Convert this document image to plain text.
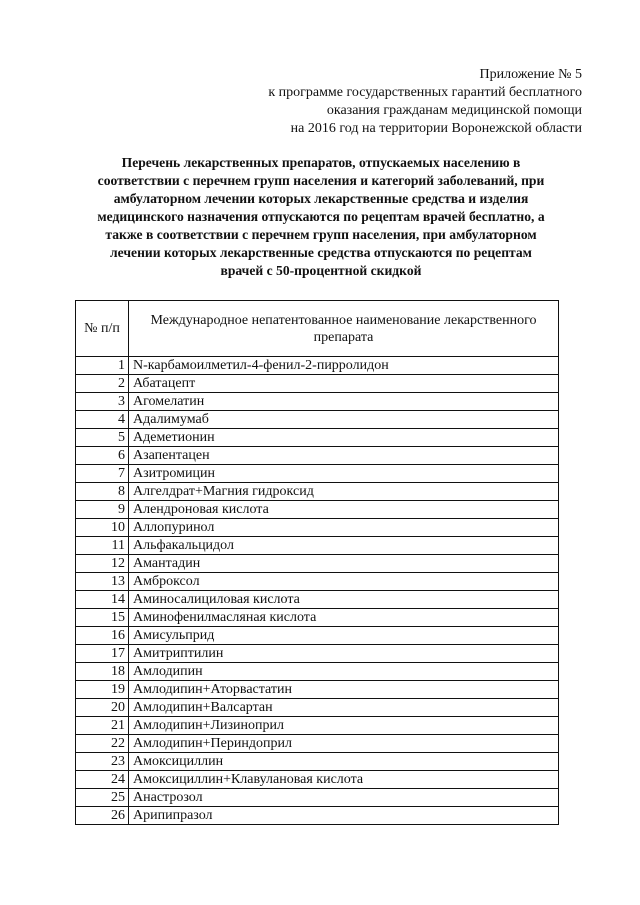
Приложение № 5
к программе государственных гарантий бесплатного
оказания гражданам медицинской помощи
на 2016 год на территории Воронежской области
Перечень лекарственных препаратов, отпускаемых населению в
соответствии с перечнем групп населения и категорий заболеваний, при
амбулаторном лечении которых лекарственные средства и изделия
медицинского назначения отпускаются по рецептам врачей бесплатно, а
также в соответствии с перечнем групп населения, при амбулаторном
лечении которых лекарственные средства отпускаются по рецептам
врачей с 50-процентной скидкой
№ п/п	Международное непатентованное наименование лекарственного
препарата

1	N-карбамоилметил-4-фенил-2-пирролидон
2	Абатацепт
3	Агомелатин
4	Адалимумаб
5	Адеметионин
6	Азапентацен
7	Азитромицин
8	Алгелдрат+Магния гидроксид
9	Алендроновая кислота
10	Аллопуринол
11	Альфакальцидол
12	Амантадин
13	Амброксол
14	Аминосалициловая кислота
15	Аминофенилмасляная кислота
16	Амисульприд
17	Амитриптилин
18	Амлодипин
19	Амлодипин+Аторвастатин
20	Амлодипин+Валсартан
21	Амлодипин+Лизиноприл
22	Амлодипин+Периндоприл
23	Амоксициллин
24	Амоксициллин+Клавулановая кислота
25	Анастрозол
26	Арипипразол
